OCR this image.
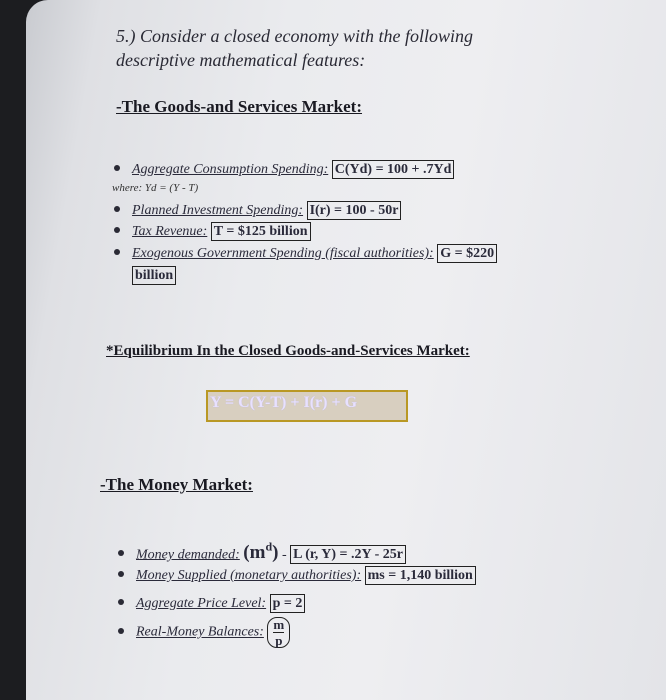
5.) Consider a closed economy with the following
descriptive mathematical features:
-The Goods-and Services Market:
Aggregate Consumption Spending: C(Yd) = 100 + .7Yd
where: Yd = (Y - T)
Planned Investment Spending: I(r) = 100 - 50r
Tax Revenue: T = $125 billion
Exogenous Government Spending (fiscal authorities): G = $220
billion
*Equilibrium In the Closed Goods-and-Services Market:
Y = C(Y-T) + I(r) + G
-The Money Market:
Money demanded: $(m^d)$ - L (r, Y) = .2Y - 25r
Money Supplied (monetary authorities): ms = 1,140 billion
Aggregate Price Level: p = 2
Real-Money Balances: $\frac{m}{p}$
